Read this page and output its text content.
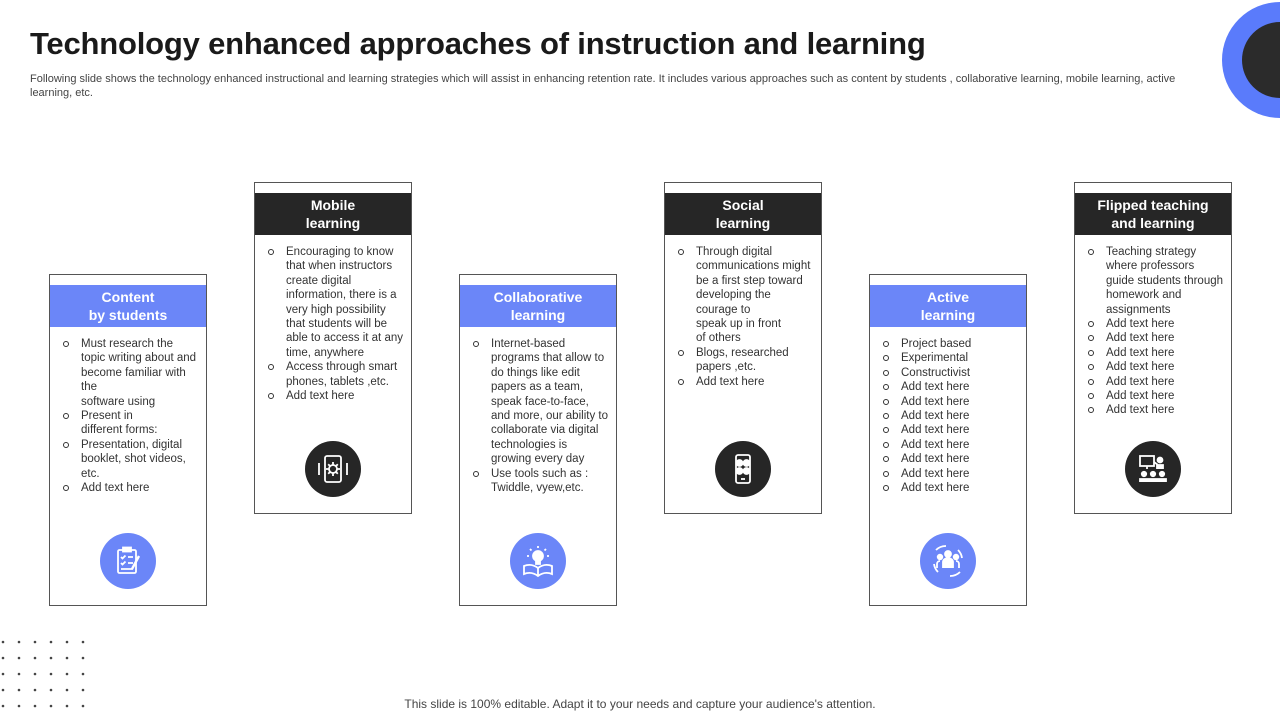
Technology enhanced approaches of instruction and learning

Following slide shows the technology enhanced instructional and learning strategies which will assist in enhancing retention rate. It includes various approaches such as content by students , collaborative learning, mobile learning, active learning, etc.

Content
by students
Must research the topic writing about and become familiar with the
software using
Present in
different forms:
Presentation, digital booklet, shot videos, etc.
Add text here
Mobile
learning
Encouraging to know that when instructors create digital information, there is a very high possibility that students will be able to access it at any time, anywhere
Access through smart phones, tablets ,etc.
Add text here
Collaborative
learning
Internet-based programs that allow to do things like edit papers as a team, speak face-to-face, and more, our ability to collaborate via digital technologies is growing every day
Use tools such as : Twiddle, vyew,etc.
Social
learning
Through digital communications might be a first step toward developing the courage to
speak up in front
of others
Blogs, researched papers ,etc.
Add text here
Active
learning
Project based
Experimental
Constructivist
Add text here
Add text here
Add text here
Add text here
Add text here
Add text here
Add text here
Add text here
Flipped teaching
and learning
Teaching strategy where professors guide students through homework and assignments
Add text here
Add text here
Add text here
Add text here
Add text here
Add text here
Add text here

This slide is 100% editable. Adapt it to your needs and capture your audience's attention.
